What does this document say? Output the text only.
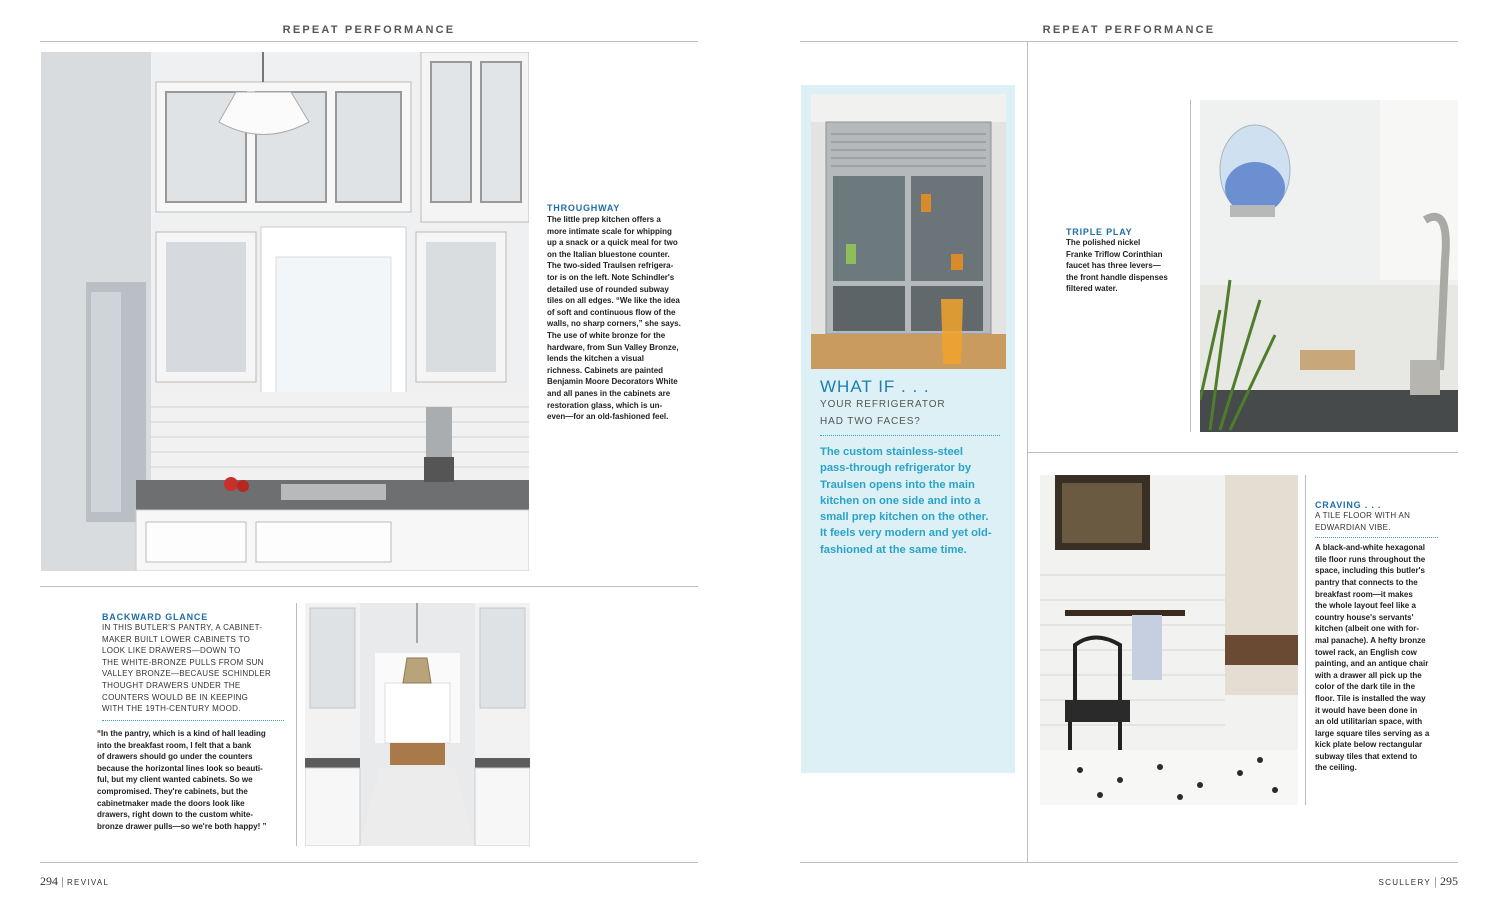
REPEAT PERFORMANCE
THROUGHWAY
The little prep kitchen offers a
more intimate scale for whipping
up a snack or a quick meal for two
on the Italian bluestone counter.
The two-sided Traulsen refrigera-
tor is on the left. Note Schindler's
detailed use of rounded subway
tiles on all edges. “We like the idea
of soft and continuous flow of the
walls, no sharp corners,” she says.
The use of white bronze for the
hardware, from Sun Valley Bronze,
lends the kitchen a visual
richness. Cabinets are painted
Benjamin Moore Decorators White
and all panes in the cabinets are
restoration glass, which is un-
even—for an old-fashioned feel.
BACKWARD GLANCE
IN THIS BUTLER'S PANTRY, A CABINET-
MAKER BUILT LOWER CABINETS TO
LOOK LIKE DRAWERS—DOWN TO
THE WHITE-BRONZE PULLS FROM SUN
VALLEY BRONZE—BECAUSE SCHINDLER
THOUGHT DRAWERS UNDER THE
COUNTERS WOULD BE IN KEEPING
WITH THE 19TH-CENTURY MOOD.
“In the pantry, which is a kind of hall leading
into the breakfast room, I felt that a bank
of drawers should go under the counters
because the horizontal lines look so beauti-
ful, but my client wanted cabinets. So we
compromised. They're cabinets, but the
cabinetmaker made the doors look like
drawers, right down to the custom white-
bronze drawer pulls—so we're both happy! ”
294 | REVIVAL
REPEAT PERFORMANCE
WHAT IF . . .
YOUR REFRIGERATOR
HAD TWO FACES?
The custom stainless-steel
pass-through refrigerator by
Traulsen opens into the main
kitchen on one side and into a
small prep kitchen on the other.
It feels very modern and yet old-
fashioned at the same time.
TRIPLE PLAY
The polished nickel
Franke Triflow Corinthian
faucet has three levers—
the front handle dispenses
filtered water.
CRAVING . . .
A TILE FLOOR WITH AN
EDWARDIAN VIBE.
A black-and-white hexagonal
tile floor runs throughout the
space, including this butler's
pantry that connects to the
breakfast room—it makes
the whole layout feel like a
country house's servants'
kitchen (albeit one with for-
mal panache). A hefty bronze
towel rack, an English cow
painting, and an antique chair
with a drawer all pick up the
color of the dark tile in the
floor. Tile is installed the way
it would have been done in
an old utilitarian space, with
large square tiles serving as a
kick plate below rectangular
subway tiles that extend to
the ceiling.
SCULLERY | 295
